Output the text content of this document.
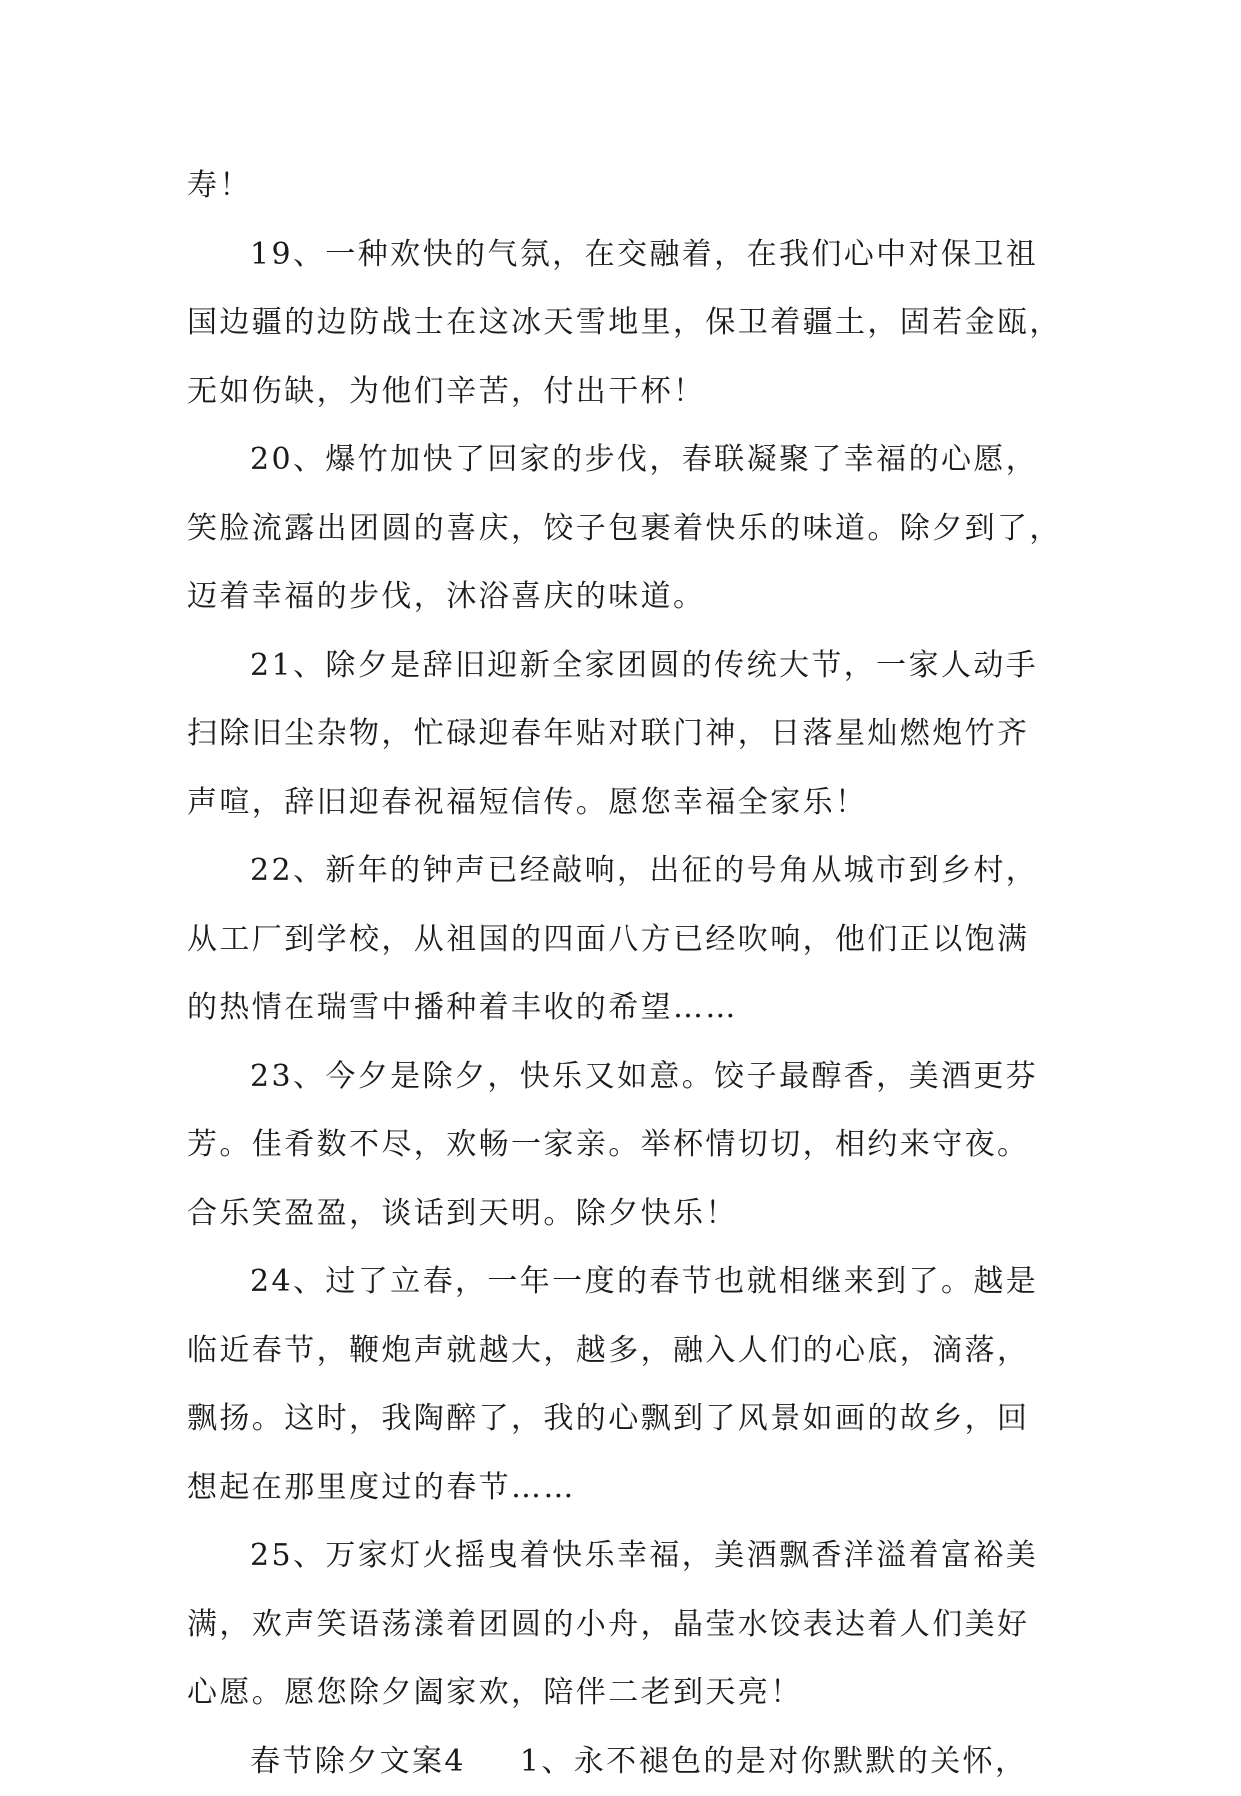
寿！
19、一种欢快的气氛，在交融着，在我们心中对保卫祖
国边疆的边防战士在这冰天雪地里，保卫着疆土，固若金瓯，
无如伤缺，为他们辛苦，付出干杯！
20、爆竹加快了回家的步伐，春联凝聚了幸福的心愿，
笑脸流露出团圆的喜庆，饺子包裹着快乐的味道。除夕到了，
迈着幸福的步伐，沐浴喜庆的味道。
21、除夕是辞旧迎新全家团圆的传统大节，一家人动手
扫除旧尘杂物，忙碌迎春年贴对联门神，日落星灿燃炮竹齐
声喧，辞旧迎春祝福短信传。愿您幸福全家乐！
22、新年的钟声已经敲响，出征的号角从城市到乡村，
从工厂到学校，从祖国的四面八方已经吹响，他们正以饱满
的热情在瑞雪中播种着丰收的希望……
23、今夕是除夕，快乐又如意。饺子最醇香，美酒更芬
芳。佳肴数不尽，欢畅一家亲。举杯情切切，相约来守夜。
合乐笑盈盈，谈话到天明。除夕快乐！
24、过了立春，一年一度的春节也就相继来到了。越是
临近春节，鞭炮声就越大，越多，融入人们的心底，滴落，
飘扬。这时，我陶醉了，我的心飘到了风景如画的故乡，回
想起在那里度过的春节……
25、万家灯火摇曳着快乐幸福，美酒飘香洋溢着富裕美
满，欢声笑语荡漾着团圆的小舟，晶莹水饺表达着人们美好
心愿。愿您除夕阖家欢，陪伴二老到天亮！
春节除夕文案4 1、永不褪色的是对你默默的关怀，
